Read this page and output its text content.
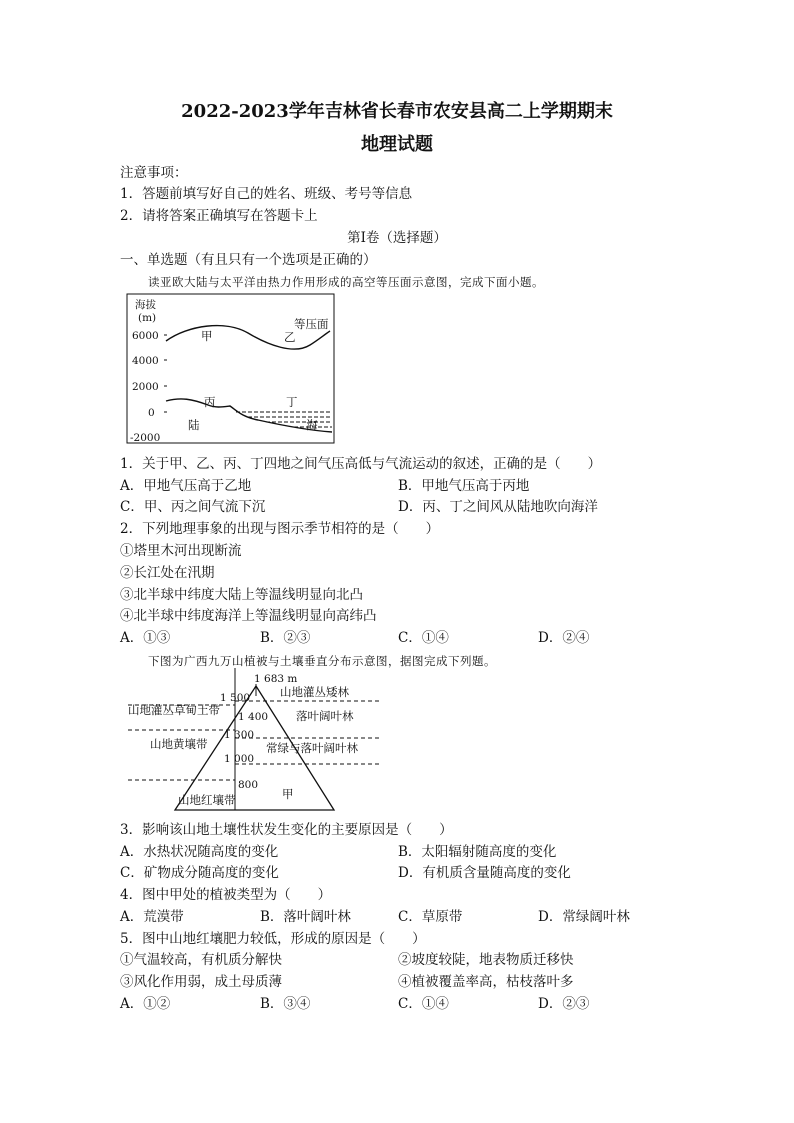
2022-2023学年吉林省长春市农安县高二上学期期末
地理试题
注意事项：
1．答题前填写好自己的姓名、班级、考号等信息
2．请将答案正确填写在答题卡上
第I卷（选择题）
一、单选题（有且只有一个选项是正确的）
读亚欧大陆与太平洋由热力作用形成的高空等压面示意图，完成下面小题。
海拔
(m)
6000
4000
2000
0
-2000
甲	乙
等压面
丙	丁
陆	海
1．关于甲、乙、丙、丁四地之间气压高低与气流运动的叙述，正确的是（　　）
A．甲地气压高于乙地	B．甲地气压高于丙地
C．甲、丙之间气流下沉	D．丙、丁之间风从陆地吹向海洋
2．下列地理事象的出现与图示季节相符的是（　　）
①塔里木河出现断流
②长江处在汛期
③北半球中纬度大陆上等温线明显向北凸
④北半球中纬度海洋上等温线明显向高纬凸
A．①③	B．②③	C．①④	D．②④
下图为广西九万山植被与土壤垂直分布示意图，据图完成下列题。
1 683 m
1 500
1 400
1 300
1 000
800
山地灌丛矮林
落叶阔叶林
常绿与落叶阔叶林
甲
山地灌丛草甸土带
山地黄壤带
山地红壤带
3．影响该山地土壤性状发生变化的主要原因是（　　）
A．水热状况随高度的变化	B．太阳辐射随高度的变化
C．矿物成分随高度的变化	D．有机质含量随高度的变化
4．图中甲处的植被类型为（　　）
A．荒漠带	B．落叶阔叶林	C．草原带	D．常绿阔叶林
5．图中山地红壤肥力较低，形成的原因是（　　）
①气温较高，有机质分解快	②坡度较陡，地表物质迁移快
③风化作用弱，成土母质薄	④植被覆盖率高，枯枝落叶多
A．①②	B．③④	C．①④	D．②③
